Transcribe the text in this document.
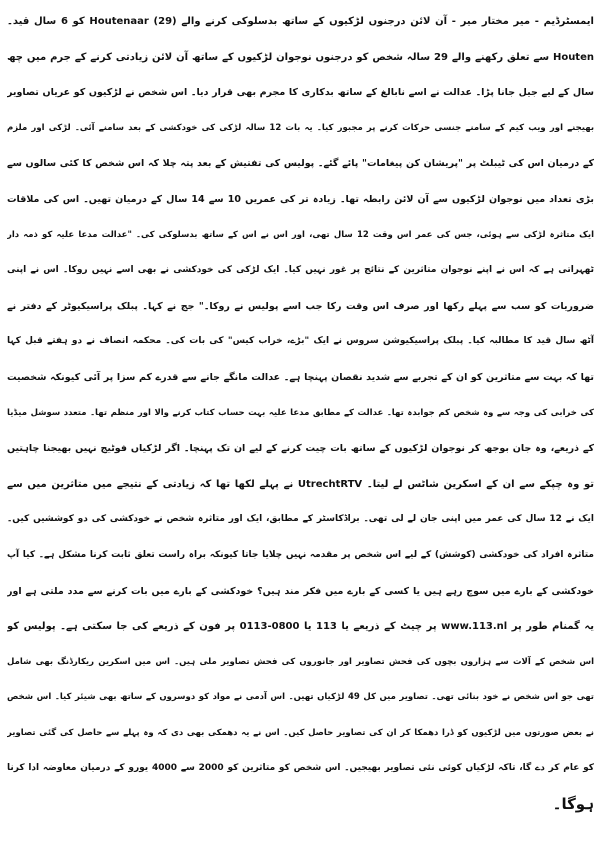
ایمسٹرڈیم - میر مختار میر - آن لائن درجنوں لڑکیوں کے ساتھ بدسلوکی کرنے والے Houtenaar (29) کو 6 سال قید۔
Houten سے تعلق رکھنے والے 29 سالہ شخص کو درجنوں نوجوان لڑکیوں کے ساتھ آن لائن زیادتی کرنے کے جرم میں چھ
سال کے لیے جیل جانا پڑا۔ عدالت نے اسے نابالغ کے ساتھ بدکاری کا مجرم بھی قرار دیا۔ اس شخص نے لڑکیوں کو عریاں تصاویر
بھیجنے اور ویب کیم کے سامنے جنسی حرکات کرنے پر مجبور کیا۔ یہ بات 12 سالہ لڑکی کی خودکشی کے بعد سامنے آئی۔ لڑکی اور ملزم
کے درمیان اس کی ٹیبلٹ پر "پریشان کن پیغامات" پائے گئے۔ پولیس کی تفتیش کے بعد پتہ چلا کہ اس شخص کا کئی سالوں سے
بڑی تعداد میں نوجوان لڑکیوں سے آن لائن رابطہ تھا۔ زیادہ تر کی عمریں 10 سے 14 سال کے درمیان تھیں۔ اس کی ملاقات
ایک متاثرہ لڑکی سے ہوئی، جس کی عمر اس وقت 12 سال تھی، اور اس نے اس کے ساتھ بدسلوکی کی۔ "عدالت مدعا علیہ کو ذمہ دار
ٹھہراتی ہے کہ اس نے اپنے نوجوان متاثرین کے نتائج پر غور نہیں کیا۔ ایک لڑکی کی خودکشی نے بھی اسے نہیں روکا۔ اس نے اپنی
ضروریات کو سب سے پہلے رکھا اور صرف اس وقت رکا جب اسے پولیس نے روکا۔" جج نے کہا۔ پبلک پراسیکیوٹر کے دفتر نے
آٹھ سال قید کا مطالبہ کیا۔ پبلک پراسیکیوشن سروس نے ایک "بڑے، خراب کیس" کی بات کی۔ محکمہ انصاف نے دو ہفتے قبل کہا
تھا کہ بہت سے متاثرین کو ان کے تجربے سے شدید نقصان پہنچا ہے۔ عدالت مانگے جانے سے قدرے کم سزا پر آئی کیونکہ شخصیت
کی خرابی کی وجہ سے وہ شخص کم جوابدہ تھا۔ عدالت کے مطابق مدعا علیہ بہت حساب کتاب کرنے والا اور منظم تھا۔ متعدد سوشل میڈیا
کے ذریعے، وہ جان بوجھ کر نوجوان لڑکیوں کے ساتھ بات چیت کرنے کے لیے ان تک پہنچا۔ اگر لڑکیاں فوٹیج نہیں بھیجنا چاہتیں
تو وہ چپکے سے ان کے اسکرین شاٹس لے لیتا۔ UtrechtRTV نے پہلے لکھا تھا کہ زیادتی کے نتیجے میں متاثرین میں سے
ایک نے 12 سال کی عمر میں اپنی جان لے لی تھی۔ براڈکاسٹر کے مطابق، ایک اور متاثرہ شخص نے خودکشی کی دو کوششیں کیں۔
متاثرہ افراد کی خودکشی (کوشش) کے لیے اس شخص پر مقدمہ نہیں چلایا جاتا کیونکہ براہ راست تعلق ثابت کرنا مشکل ہے۔ کیا آپ
خودکشی کے بارے میں سوچ رہے ہیں یا کسی کے بارے میں فکر مند ہیں؟ خودکشی کے بارے میں بات کرنے سے مدد ملتی ہے اور
یہ گمنام طور پر www.113.nl پر چیٹ کے ذریعے یا 113 یا 0800-0113 پر فون کے ذریعے کی جا سکتی ہے۔ پولیس کو
اس شخص کے آلات سے ہزاروں بچوں کی فحش تصاویر اور جانوروں کی فحش تصاویر ملی ہیں۔ اس میں اسکرین ریکارڈنگ بھی شامل
تھی جو اس شخص نے خود بنائی تھی۔ تصاویر میں کل 49 لڑکیاں تھیں۔ اس آدمی نے مواد کو دوسروں کے ساتھ بھی شیئر کیا۔ اس شخص
نے بعض صورتوں میں لڑکیوں کو ڈرا دھمکا کر ان کی تصاویر حاصل کیں۔ اس نے یہ دھمکی بھی دی کہ وہ پہلے سے حاصل کی گئی تصاویر
کو عام کر دے گا، تاکہ لڑکیاں کوئی نئی تصاویر بھیجیں۔ اس شخص کو متاثرین کو 2000 سے 4000 یورو کے درمیان معاوضہ ادا کرنا
ہوگا۔
